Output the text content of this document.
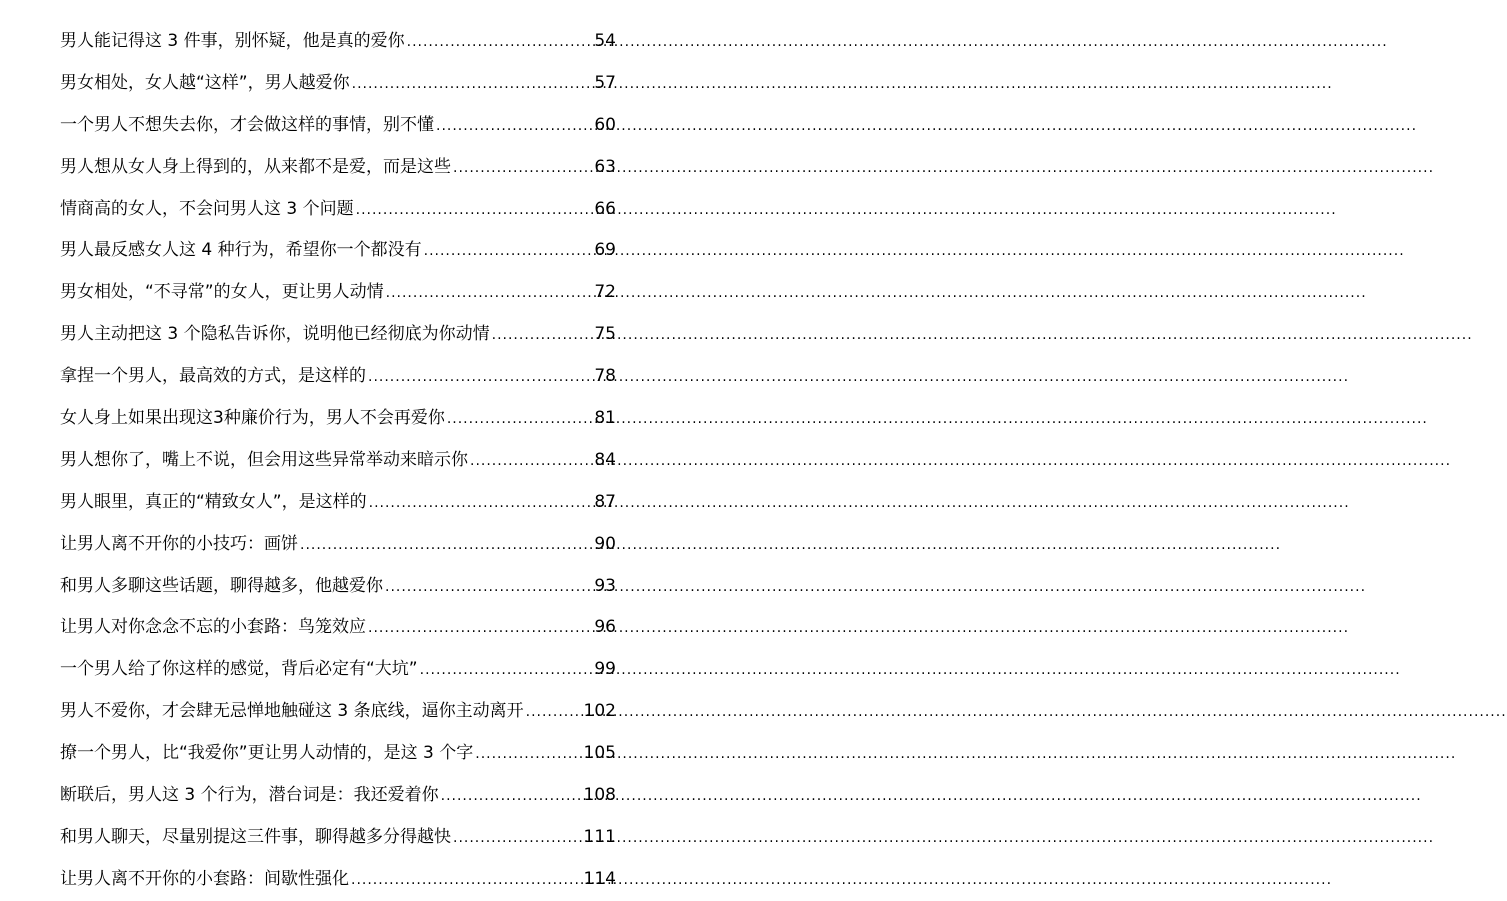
男人能记得这 3 件事，别怀疑，他是真的爱你 .....	54
男女相处，女人越“这样”，男人越爱你 .....	57
一个男人不想失去你，才会做这样的事情，别不懂 .....	60
男人想从女人身上得到的，从来都不是爱，而是这些 .....	63
情商高的女人，不会问男人这 3 个问题 .....	66
男人最反感女人这 4 种行为，希望你一个都没有 .....	69
男女相处，“不寻常”的女人，更让男人动情 .....	72
男人主动把这 3 个隐私告诉你，说明他已经彻底为你动情 .....	75
拿捏一个男人，最高效的方式，是这样的 .....	78
女人身上如果出现这3种廉价行为，男人不会再爱你 .....	81
男人想你了，嘴上不说，但会用这些异常举动来暗示你 .....	84
男人眼里，真正的“精致女人”，是这样的 .....	87
让男人离不开你的小技巧：画饼 .....	90
和男人多聊这些话题，聊得越多，他越爱你 .....	93
让男人对你念念不忘的小套路：鸟笼效应 .....	96
一个男人给了你这样的感觉，背后必定有“大坑” .....	99
男人不爱你，才会肆无忌惮地触碰这 3 条底线，逼你主动离开 .....	102
撩一个男人，比“我爱你”更让男人动情的，是这 3 个字 .....	105
断联后，男人这 3 个行为，潜台词是：我还爱着你 .....	108
和男人聊天，尽量别提这三件事，聊得越多分得越快 .....	111
让男人离不开你的小套路：间歇性强化 .....	114
